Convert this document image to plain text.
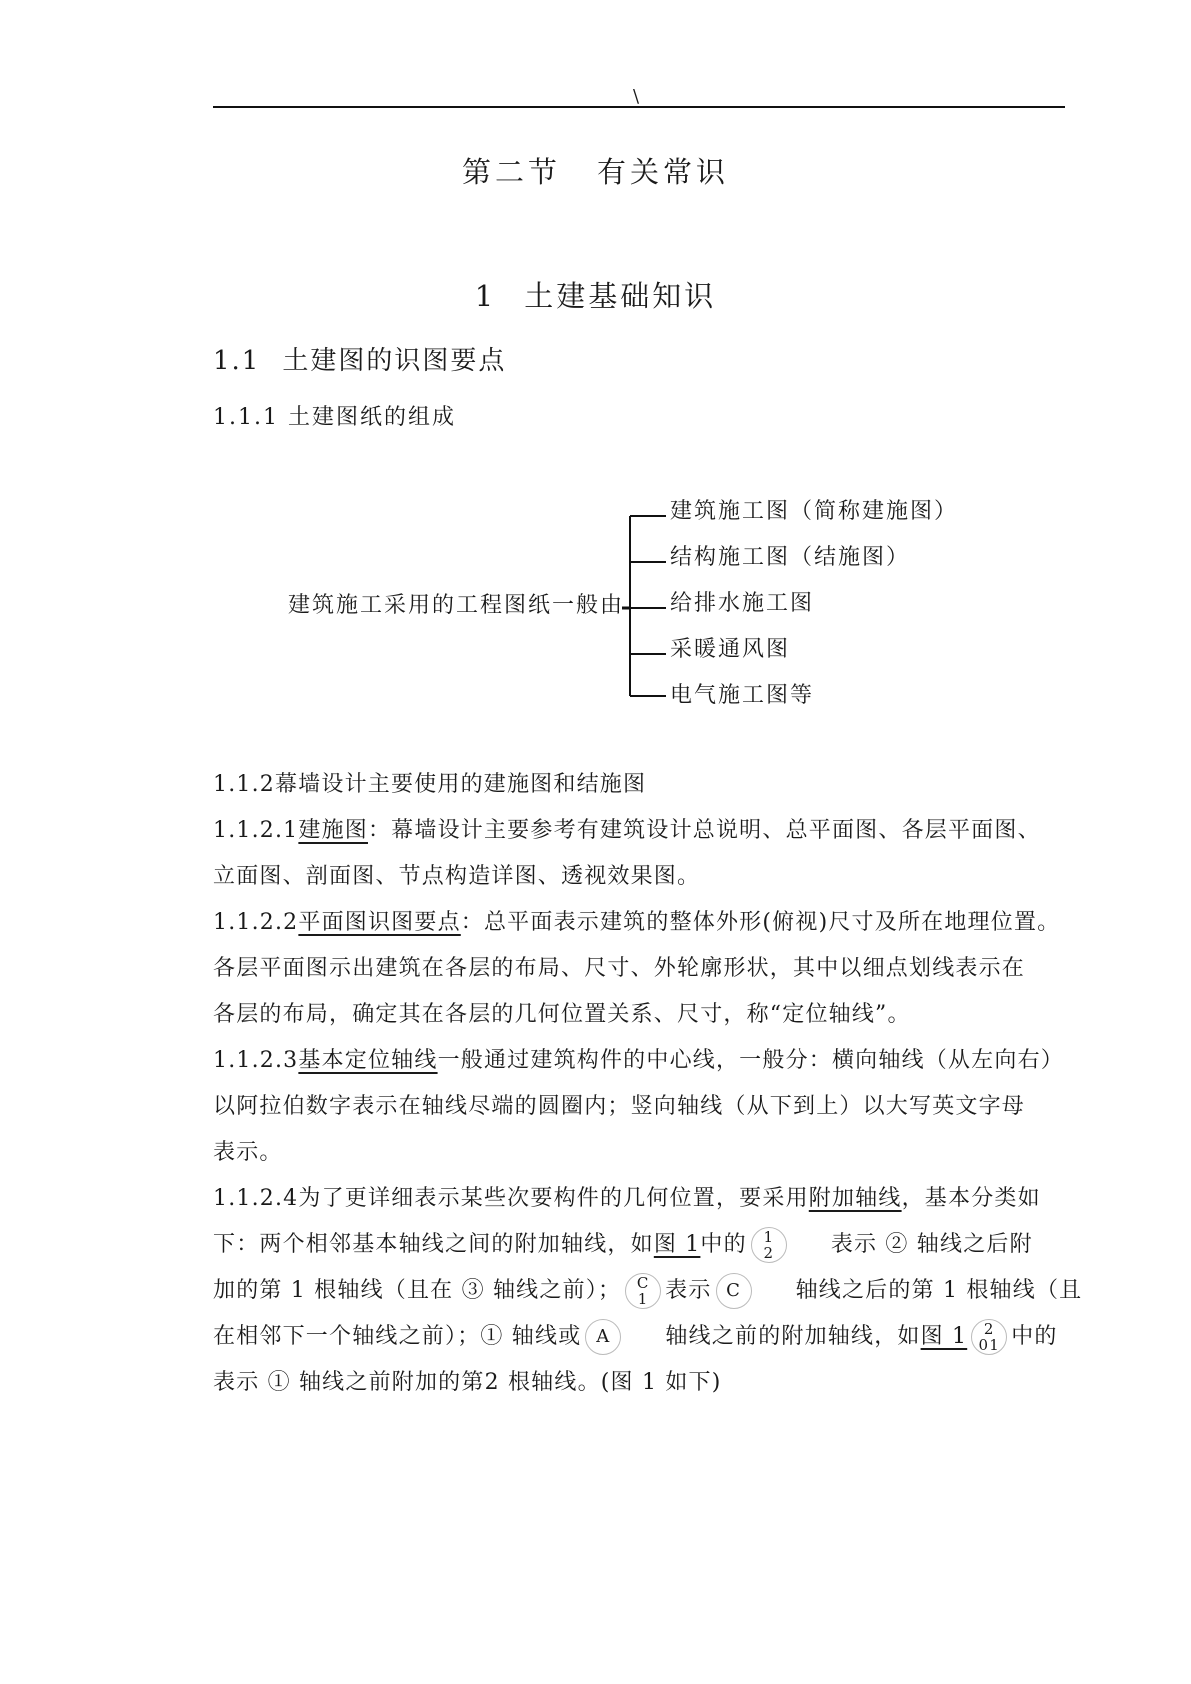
\
第二节 有关常识
1 土建基础知识
1.1 土建图的识图要点
1.1.1 土建图纸的组成
建筑施工采用的工程图纸一般由
建筑施工图（简称建施图）
结构施工图（结施图）
给排水施工图
采暖通风图
电气施工图等
1.1.2幕墙设计主要使用的建施图和结施图
1.1.2.1建施图：幕墙设计主要参考有建筑设计总说明、总平面图、各层平面图、
立面图、剖面图、节点构造详图、透视效果图。
1.1.2.2平面图识图要点：总平面表示建筑的整体外形(俯视)尺寸及所在地理位置。
各层平面图示出建筑在各层的布局、尺寸、外轮廓形状，其中以细点划线表示在
各层的布局，确定其在各层的几何位置关系、尺寸，称“定位轴线”。
1.1.2.3基本定位轴线一般通过建筑构件的中心线，一般分：横向轴线（从左向右）
以阿拉伯数字表示在轴线尽端的圆圈内；竖向轴线（从下到上）以大写英文字母
表示。
1.1.2.4为了更详细表示某些次要构件的几何位置，要采用附加轴线，基本分类如
下：两个相邻基本轴线之间的附加轴线，如图 1中的 1
2	表示 ② 轴线之后附
加的第 1 根轴线（且在 ③ 轴线之前）； C
1 表示 C 轴线之后的第 1 根轴线（且
在相邻下一个轴线之前）；① 轴线或 A 轴线之前的附加轴线，如图 1 2
01 中的
表示 ① 轴线之前附加的第2 根轴线。(图 1 如下)
